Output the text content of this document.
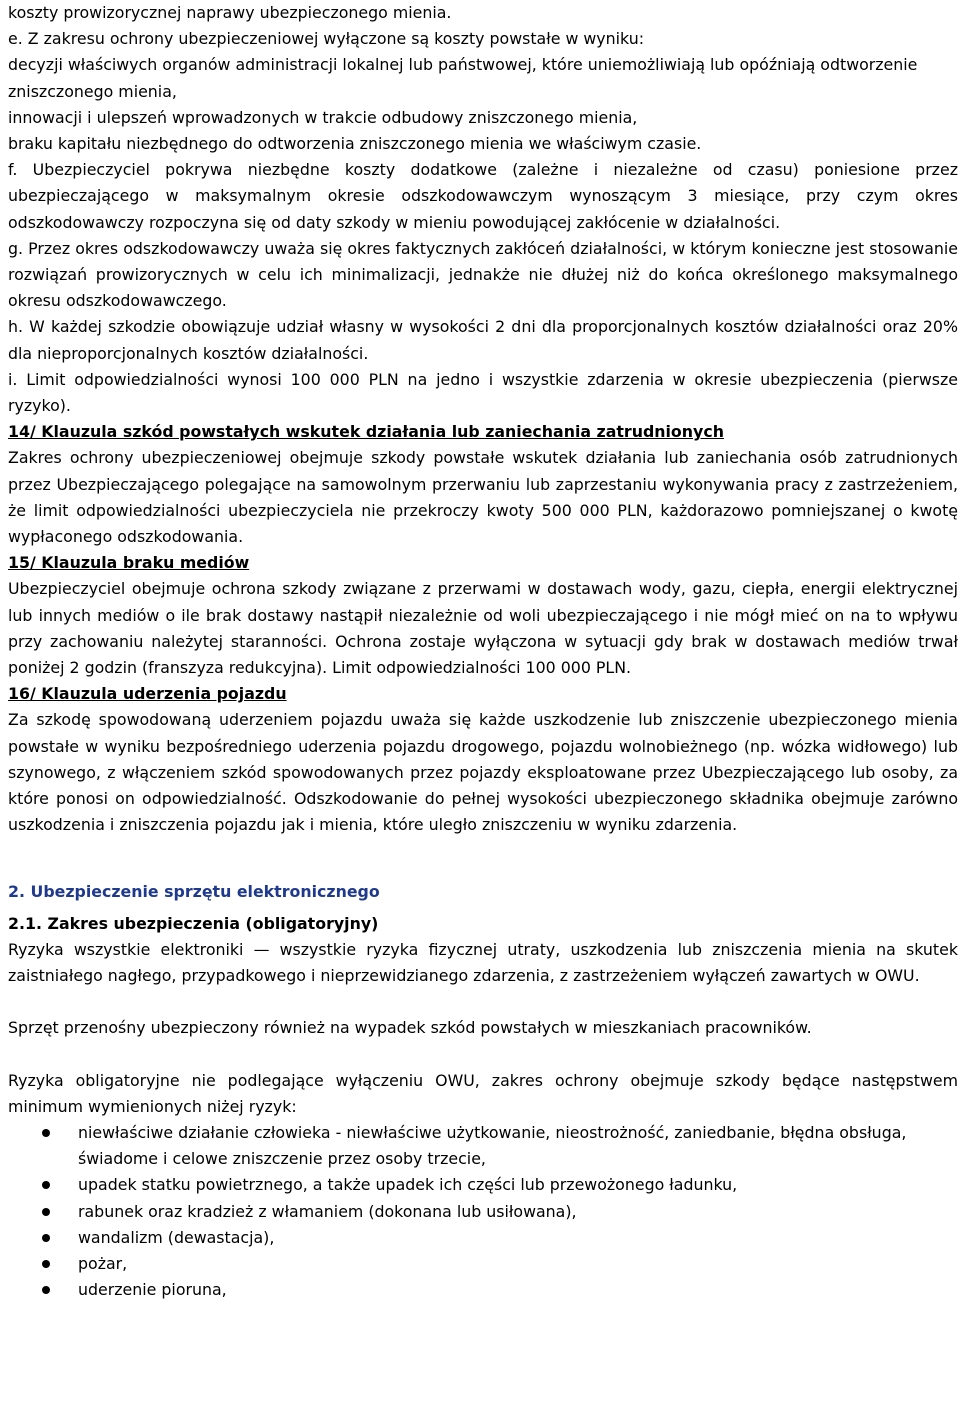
koszty prowizorycznej naprawy ubezpieczonego mienia.

e. Z zakresu ochrony ubezpieczeniowej wyłączone są koszty powstałe w wyniku:

decyzji właściwych organów administracji lokalnej lub państwowej, które uniemożliwiają lub opóźniają odtworzenie zniszczonego mienia,

innowacji i ulepszeń wprowadzonych w trakcie odbudowy zniszczonego mienia,

braku kapitału niezbędnego do odtworzenia zniszczonego mienia we właściwym czasie.

f. Ubezpieczyciel pokrywa niezbędne koszty dodatkowe (zależne i niezależne od czasu) poniesione przez ubezpieczającego w maksymalnym okresie odszkodowawczym wynoszącym 3 miesiące, przy czym okres odszkodowawczy rozpoczyna się od daty szkody w mieniu powodującej zakłócenie w działalności.

g. Przez okres odszkodowawczy uważa się okres faktycznych zakłóceń działalności, w którym konieczne jest stosowanie rozwiązań prowizorycznych w celu ich minimalizacji, jednakże nie dłużej niż do końca określonego maksymalnego okresu odszkodowawczego.

h. W każdej szkodzie obowiązuje udział własny w wysokości 2 dni dla proporcjonalnych kosztów działalności oraz 20% dla nieproporcjonalnych kosztów działalności.

i. Limit odpowiedzialności wynosi 100 000 PLN na jedno i wszystkie zdarzenia w okresie ubezpieczenia (pierwsze ryzyko).

14/ Klauzula szkód powstałych wskutek działania lub zaniechania zatrudnionych

Zakres ochrony ubezpieczeniowej obejmuje szkody powstałe wskutek działania lub zaniechania osób zatrudnionych przez Ubezpieczającego polegające na samowolnym przerwaniu lub zaprzestaniu wykonywania pracy z zastrzeżeniem, że limit odpowiedzialności ubezpieczyciela nie przekroczy kwoty 500 000 PLN, każdorazowo pomniejszanej o kwotę wypłaconego odszkodowania.

15/ Klauzula braku mediów

Ubezpieczyciel obejmuje ochrona szkody związane z przerwami w dostawach wody, gazu, ciepła, energii elektrycznej lub innych mediów o ile brak dostawy nastąpił niezależnie od woli ubezpieczającego i nie mógł mieć on na to wpływu przy zachowaniu należytej staranności. Ochrona zostaje wyłączona w sytuacji gdy brak w dostawach mediów trwał poniżej 2 godzin (franszyza redukcyjna). Limit odpowiedzialności 100 000 PLN.

16/ Klauzula uderzenia pojazdu

Za szkodę spowodowaną uderzeniem pojazdu uważa się każde uszkodzenie lub zniszczenie ubezpieczonego mienia powstałe w wyniku bezpośredniego uderzenia pojazdu drogowego, pojazdu wolnobieżnego (np. wózka widłowego) lub szynowego, z włączeniem szkód spowodowanych przez pojazdy eksploatowane przez Ubezpieczającego lub osoby, za które ponosi on odpowiedzialność. Odszkodowanie do pełnej wysokości ubezpieczonego składnika obejmuje zarówno uszkodzenia i zniszczenia pojazdu jak i mienia, które uległo zniszczeniu w wyniku zdarzenia.

2. Ubezpieczenie sprzętu elektronicznego

2.1. Zakres ubezpieczenia (obligatoryjny)

Ryzyka wszystkie elektroniki — wszystkie ryzyka fizycznej utraty, uszkodzenia lub zniszczenia mienia na skutek zaistniałego nagłego, przypadkowego i nieprzewidzianego zdarzenia, z zastrzeżeniem wyłączeń zawartych w OWU.

Sprzęt przenośny ubezpieczony również na wypadek szkód powstałych w mieszkaniach pracowników.

Ryzyka obligatoryjne nie podlegające wyłączeniu OWU, zakres ochrony obejmuje szkody będące następstwem minimum wymienionych niżej ryzyk:

niewłaściwe działanie człowieka - niewłaściwe użytkowanie, nieostrożność, zaniedbanie, błędna obsługa, świadome i celowe zniszczenie przez osoby trzecie,
upadek statku powietrznego, a także upadek ich części lub przewożonego ładunku,
rabunek oraz kradzież z włamaniem (dokonana lub usiłowana),
wandalizm (dewastacja),
pożar,
uderzenie pioruna,
